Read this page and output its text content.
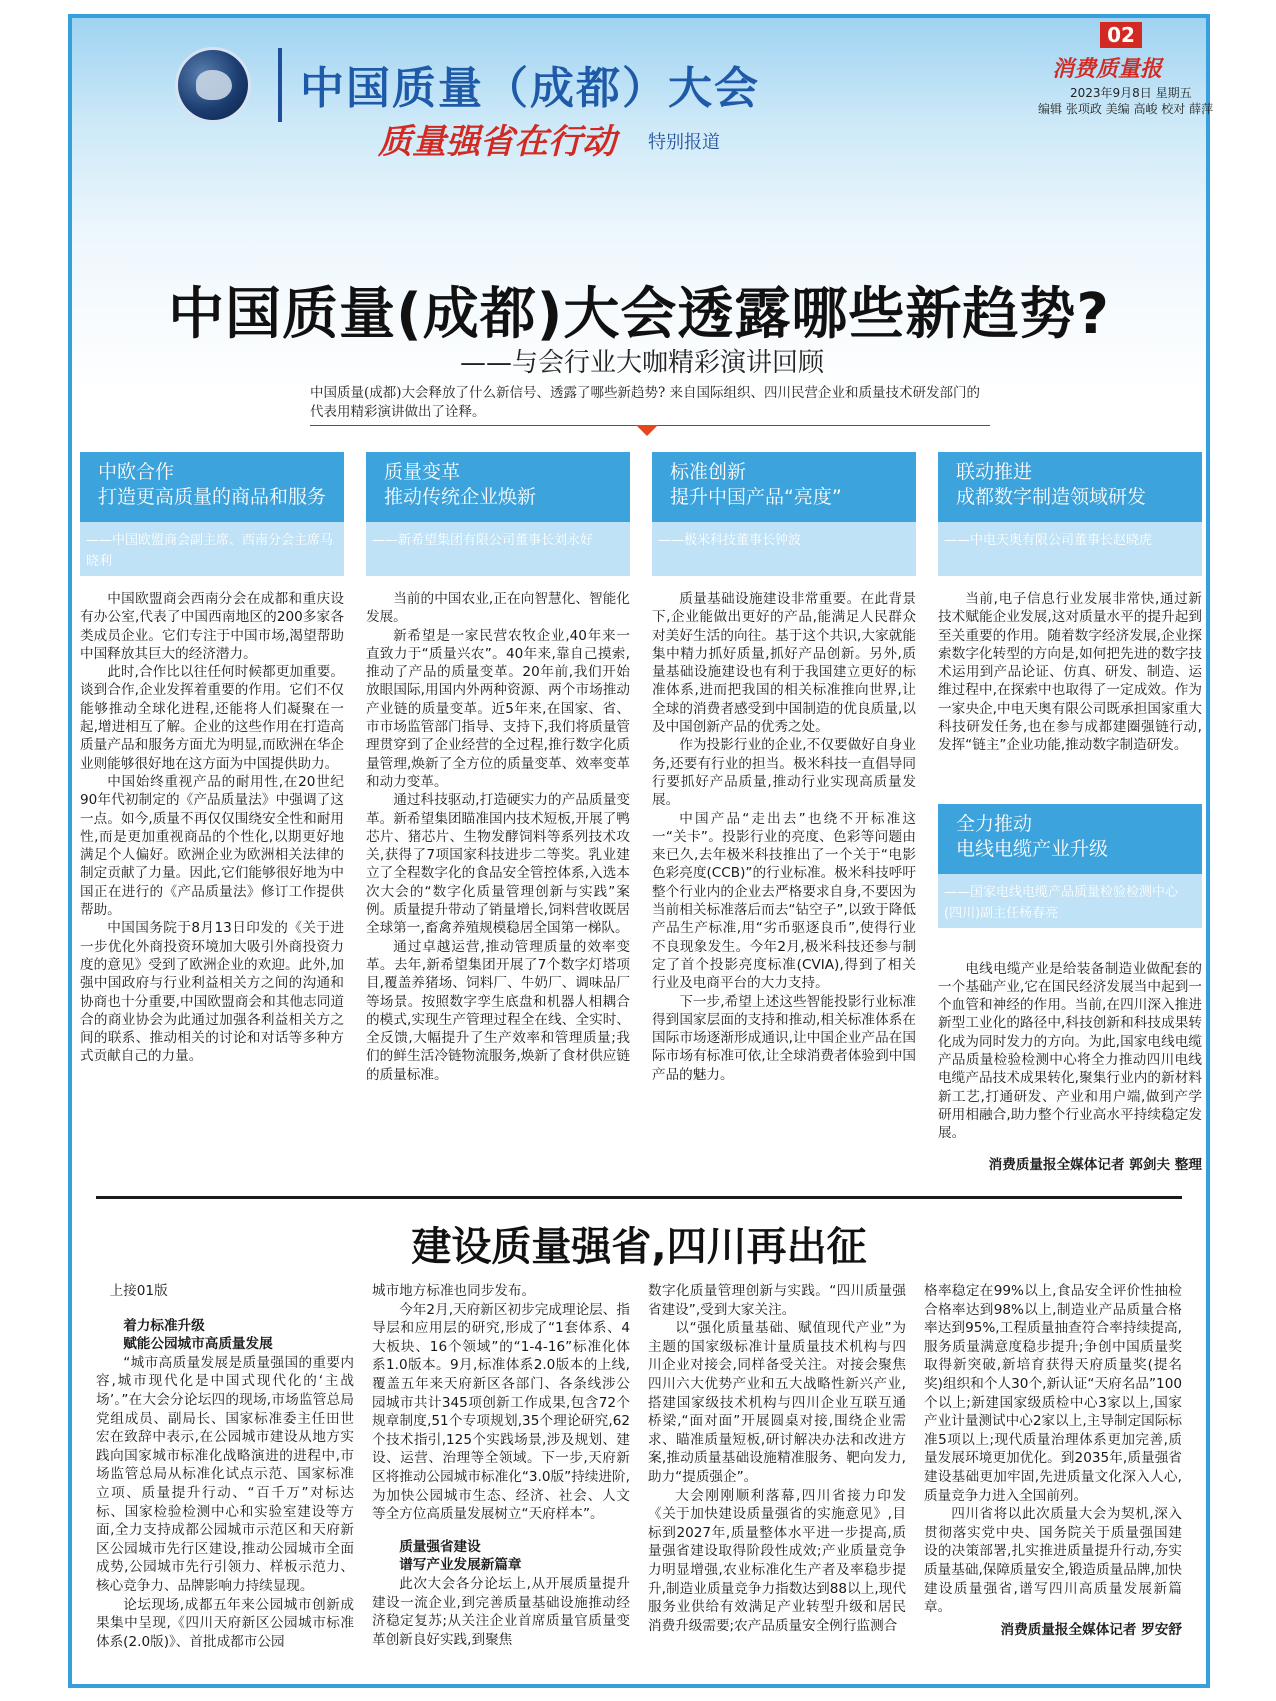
中国质量（成都）大会
质量强省在行动 特别报道
02
消费质量报
2023年9月8日 星期五
编辑 张项政 美编 高峻 校对 薛萍
中国质量(成都)大会透露哪些新趋势?
——与会行业大咖精彩演讲回顾
中国质量(成都)大会释放了什么新信号、透露了哪些新趋势? 来自国际组织、四川民营企业和质量技术研发部门的代表用精彩演讲做出了诠释。
中欧合作
打造更高质量的商品和服务
——中国欧盟商会副主席、西南分会主席马晓利

中国欧盟商会西南分会在成都和重庆设有办公室,代表了中国西南地区的200多家各类成员企业。它们专注于中国市场,渴望帮助中国释放其巨大的经济潜力。

此时,合作比以往任何时候都更加重要。谈到合作,企业发挥着重要的作用。它们不仅能够推动全球化进程,还能将人们凝聚在一起,增进相互了解。企业的这些作用在打造高质量产品和服务方面尤为明显,而欧洲在华企业则能够很好地在这方面为中国提供助力。

中国始终重视产品的耐用性,在20世纪90年代初制定的《产品质量法》中强调了这一点。如今,质量不再仅仅围绕安全性和耐用性,而是更加重视商品的个性化,以期更好地满足个人偏好。欧洲企业为欧洲相关法律的制定贡献了力量。因此,它们能够很好地为中国正在进行的《产品质量法》修订工作提供帮助。

中国国务院于8月13日印发的《关于进一步优化外商投资环境加大吸引外商投资力度的意见》受到了欧洲企业的欢迎。此外,加强中国政府与行业利益相关方之间的沟通和协商也十分重要,中国欧盟商会和其他志同道合的商业协会为此通过加强各利益相关方之间的联系、推动相关的讨论和对话等多种方式贡献自己的力量。

质量变革
推动传统企业焕新
——新希望集团有限公司董事长刘永好

当前的中国农业,正在向智慧化、智能化发展。

新希望是一家民营农牧企业,40年来一直致力于“质量兴农”。40年来,靠自己摸索,推动了产品的质量变革。20年前,我们开始放眼国际,用国内外两种资源、两个市场推动产业链的质量变革。近5年来,在国家、省、市市场监管部门指导、支持下,我们将质量管理贯穿到了企业经营的全过程,推行数字化质量管理,焕新了全方位的质量变革、效率变革和动力变革。

通过科技驱动,打造硬实力的产品质量变革。新希望集团瞄准国内技术短板,开展了鸭芯片、猪芯片、生物发酵饲料等系列技术攻关,获得了7项国家科技进步二等奖。乳业建立了全程数字化的食品安全管控体系,入选本次大会的“数字化质量管理创新与实践”案例。质量提升带动了销量增长,饲料营收既居全球第一,畜禽养殖规模稳居全国第一梯队。

通过卓越运营,推动管理质量的效率变革。去年,新希望集团开展了7个数字灯塔项目,覆盖养猪场、饲料厂、牛奶厂、调味品厂等场景。按照数字孪生底盘和机器人相耦合的模式,实现生产管理过程全在线、全实时、全反馈,大幅提升了生产效率和管理质量;我们的鲜生活冷链物流服务,焕新了食材供应链的质量标准。

标准创新
提升中国产品“亮度”
——极米科技董事长钟波

质量基础设施建设非常重要。在此背景下,企业能做出更好的产品,能满足人民群众对美好生活的向往。基于这个共识,大家就能集中精力抓好质量,抓好产品创新。另外,质量基础设施建设也有利于我国建立更好的标准体系,进而把我国的相关标准推向世界,让全球的消费者感受到中国制造的优良质量,以及中国创新产品的优秀之处。

作为投影行业的企业,不仅要做好自身业务,还要有行业的担当。极米科技一直倡导同行要抓好产品质量,推动行业实现高质量发展。

中国产品“走出去”也绕不开标准这一“关卡”。投影行业的亮度、色彩等问题由来已久,去年极米科技推出了一个关于“电影色彩亮度(CCB)”的行业标准。极米科技呼吁整个行业内的企业去严格要求自身,不要因为当前相关标准落后而去“钻空子”,以致于降低产品生产标准,用“劣币驱逐良币”,使得行业不良现象发生。今年2月,极米科技还参与制定了首个投影亮度标准(CVIA),得到了相关行业及电商平台的大力支持。

下一步,希望上述这些智能投影行业标准得到国家层面的支持和推动,相关标准体系在国际市场逐渐形成通识,让中国企业产品在国际市场有标准可依,让全球消费者体验到中国产品的魅力。

联动推进
成都数字制造领域研发
——中电天奥有限公司董事长赵晓虎

当前,电子信息行业发展非常快,通过新技术赋能企业发展,这对质量水平的提升起到至关重要的作用。随着数字经济发展,企业探索数字化转型的方向是,如何把先进的数字技术运用到产品论证、仿真、研发、制造、运维过程中,在探索中也取得了一定成效。作为一家央企,中电天奥有限公司既承担国家重大科技研发任务,也在参与成都建圈强链行动,发挥“链主”企业功能,推动数字制造研发。

全力推动
电线电缆产业升级
——国家电线电缆产品质量检验检测中心(四川)副主任杨春亮

电线电缆产业是给装备制造业做配套的一个基础产业,它在国民经济发展当中起到一个血管和神经的作用。当前,在四川深入推进新型工业化的路径中,科技创新和科技成果转化成为同时发力的方向。为此,国家电线电缆产品质量检验检测中心将全力推动四川电线电缆产品技术成果转化,聚集行业内的新材料新工艺,打通研发、产业和用户端,做到产学研用相融合,助力整个行业高水平持续稳定发展。

消费质量报全媒体记者 郭剑夫 整理

建设质量强省,四川再出征

上接01版

着力标准升级

赋能公园城市高质量发展

“城市高质量发展是质量强国的重要内容,城市现代化是中国式现代化的‘主战场’。”在大会分论坛四的现场,市场监管总局党组成员、副局长、国家标准委主任田世宏在致辞中表示,在公园城市建设从地方实践向国家城市标准化战略演进的进程中,市场监管总局从标准化试点示范、国家标准立项、质量提升行动、“百千万”对标达标、国家检验检测中心和实验室建设等方面,全力支持成都公园城市示范区和天府新区公园城市先行区建设,推动公园城市全面成势,公园城市先行引领力、样板示范力、核心竞争力、品牌影响力持续显现。

论坛现场,成都五年来公园城市创新成果集中呈现,《四川天府新区公园城市标准体系(2.0版)》、首批成都市公园

城市地方标准也同步发布。

今年2月,天府新区初步完成理论层、指导层和应用层的研究,形成了“1套体系、4大板块、16个领域”的“1-4-16”标准化体系1.0版本。9月,标准体系2.0版本的上线,覆盖五年来天府新区各部门、各条线涉公园城市共计345项创新工作成果,包含72个规章制度,51个专项规划,35个理论研究,62个技术指引,125个实践场景,涉及规划、建设、运营、治理等全领域。下一步,天府新区将推动公园城市标准化“3.0版”持续进阶,为加快公园城市生态、经济、社会、人文等全方位高质量发展树立“天府样本”。

质量强省建设

谱写产业发展新篇章

此次大会各分论坛上,从开展质量提升建设一流企业,到完善质量基础设施推动经济稳定复苏;从关注企业首席质量官质量变革创新良好实践,到聚焦

数字化质量管理创新与实践。“四川质量强省建设”,受到大家关注。

以“强化质量基础、赋值现代产业”为主题的国家级标准计量质量技术机构与四川企业对接会,同样备受关注。对接会聚焦四川六大优势产业和五大战略性新兴产业,搭建国家级技术机构与四川企业互联互通桥梁,“面对面”开展圆桌对接,围绕企业需求、瞄准质量短板,研讨解决办法和改进方案,推动质量基础设施精准服务、靶向发力,助力“提质强企”。

大会刚刚顺利落幕,四川省接力印发《关于加快建设质量强省的实施意见》,目标到2027年,质量整体水平进一步提高,质量强省建设取得阶段性成效;产业质量竞争力明显增强,农业标准化生产者及率稳步提升,制造业质量竞争力指数达到88以上,现代服务业供给有效满足产业转型升级和居民消费升级需要;农产品质量安全例行监测合

格率稳定在99%以上,食品安全评价性抽检合格率达到98%以上,制造业产品质量合格率达到95%,工程质量抽查符合率持续提高,服务质量满意度稳步提升;争创中国质量奖取得新突破,新培育获得天府质量奖(提名奖)组织和个人30个,新认证“天府名品”100个以上;新建国家级质检中心3家以上,国家产业计量测试中心2家以上,主导制定国际标准5项以上;现代质量治理体系更加完善,质量发展环境更加优化。到2035年,质量强省建设基础更加牢固,先进质量文化深入人心,质量竞争力进入全国前列。

四川省将以此次质量大会为契机,深入贯彻落实党中央、国务院关于质量强国建设的决策部署,扎实推进质量提升行动,夯实质量基础,保障质量安全,锻造质量品牌,加快建设质量强省,谱写四川高质量发展新篇章。

消费质量报全媒体记者 罗安舒
